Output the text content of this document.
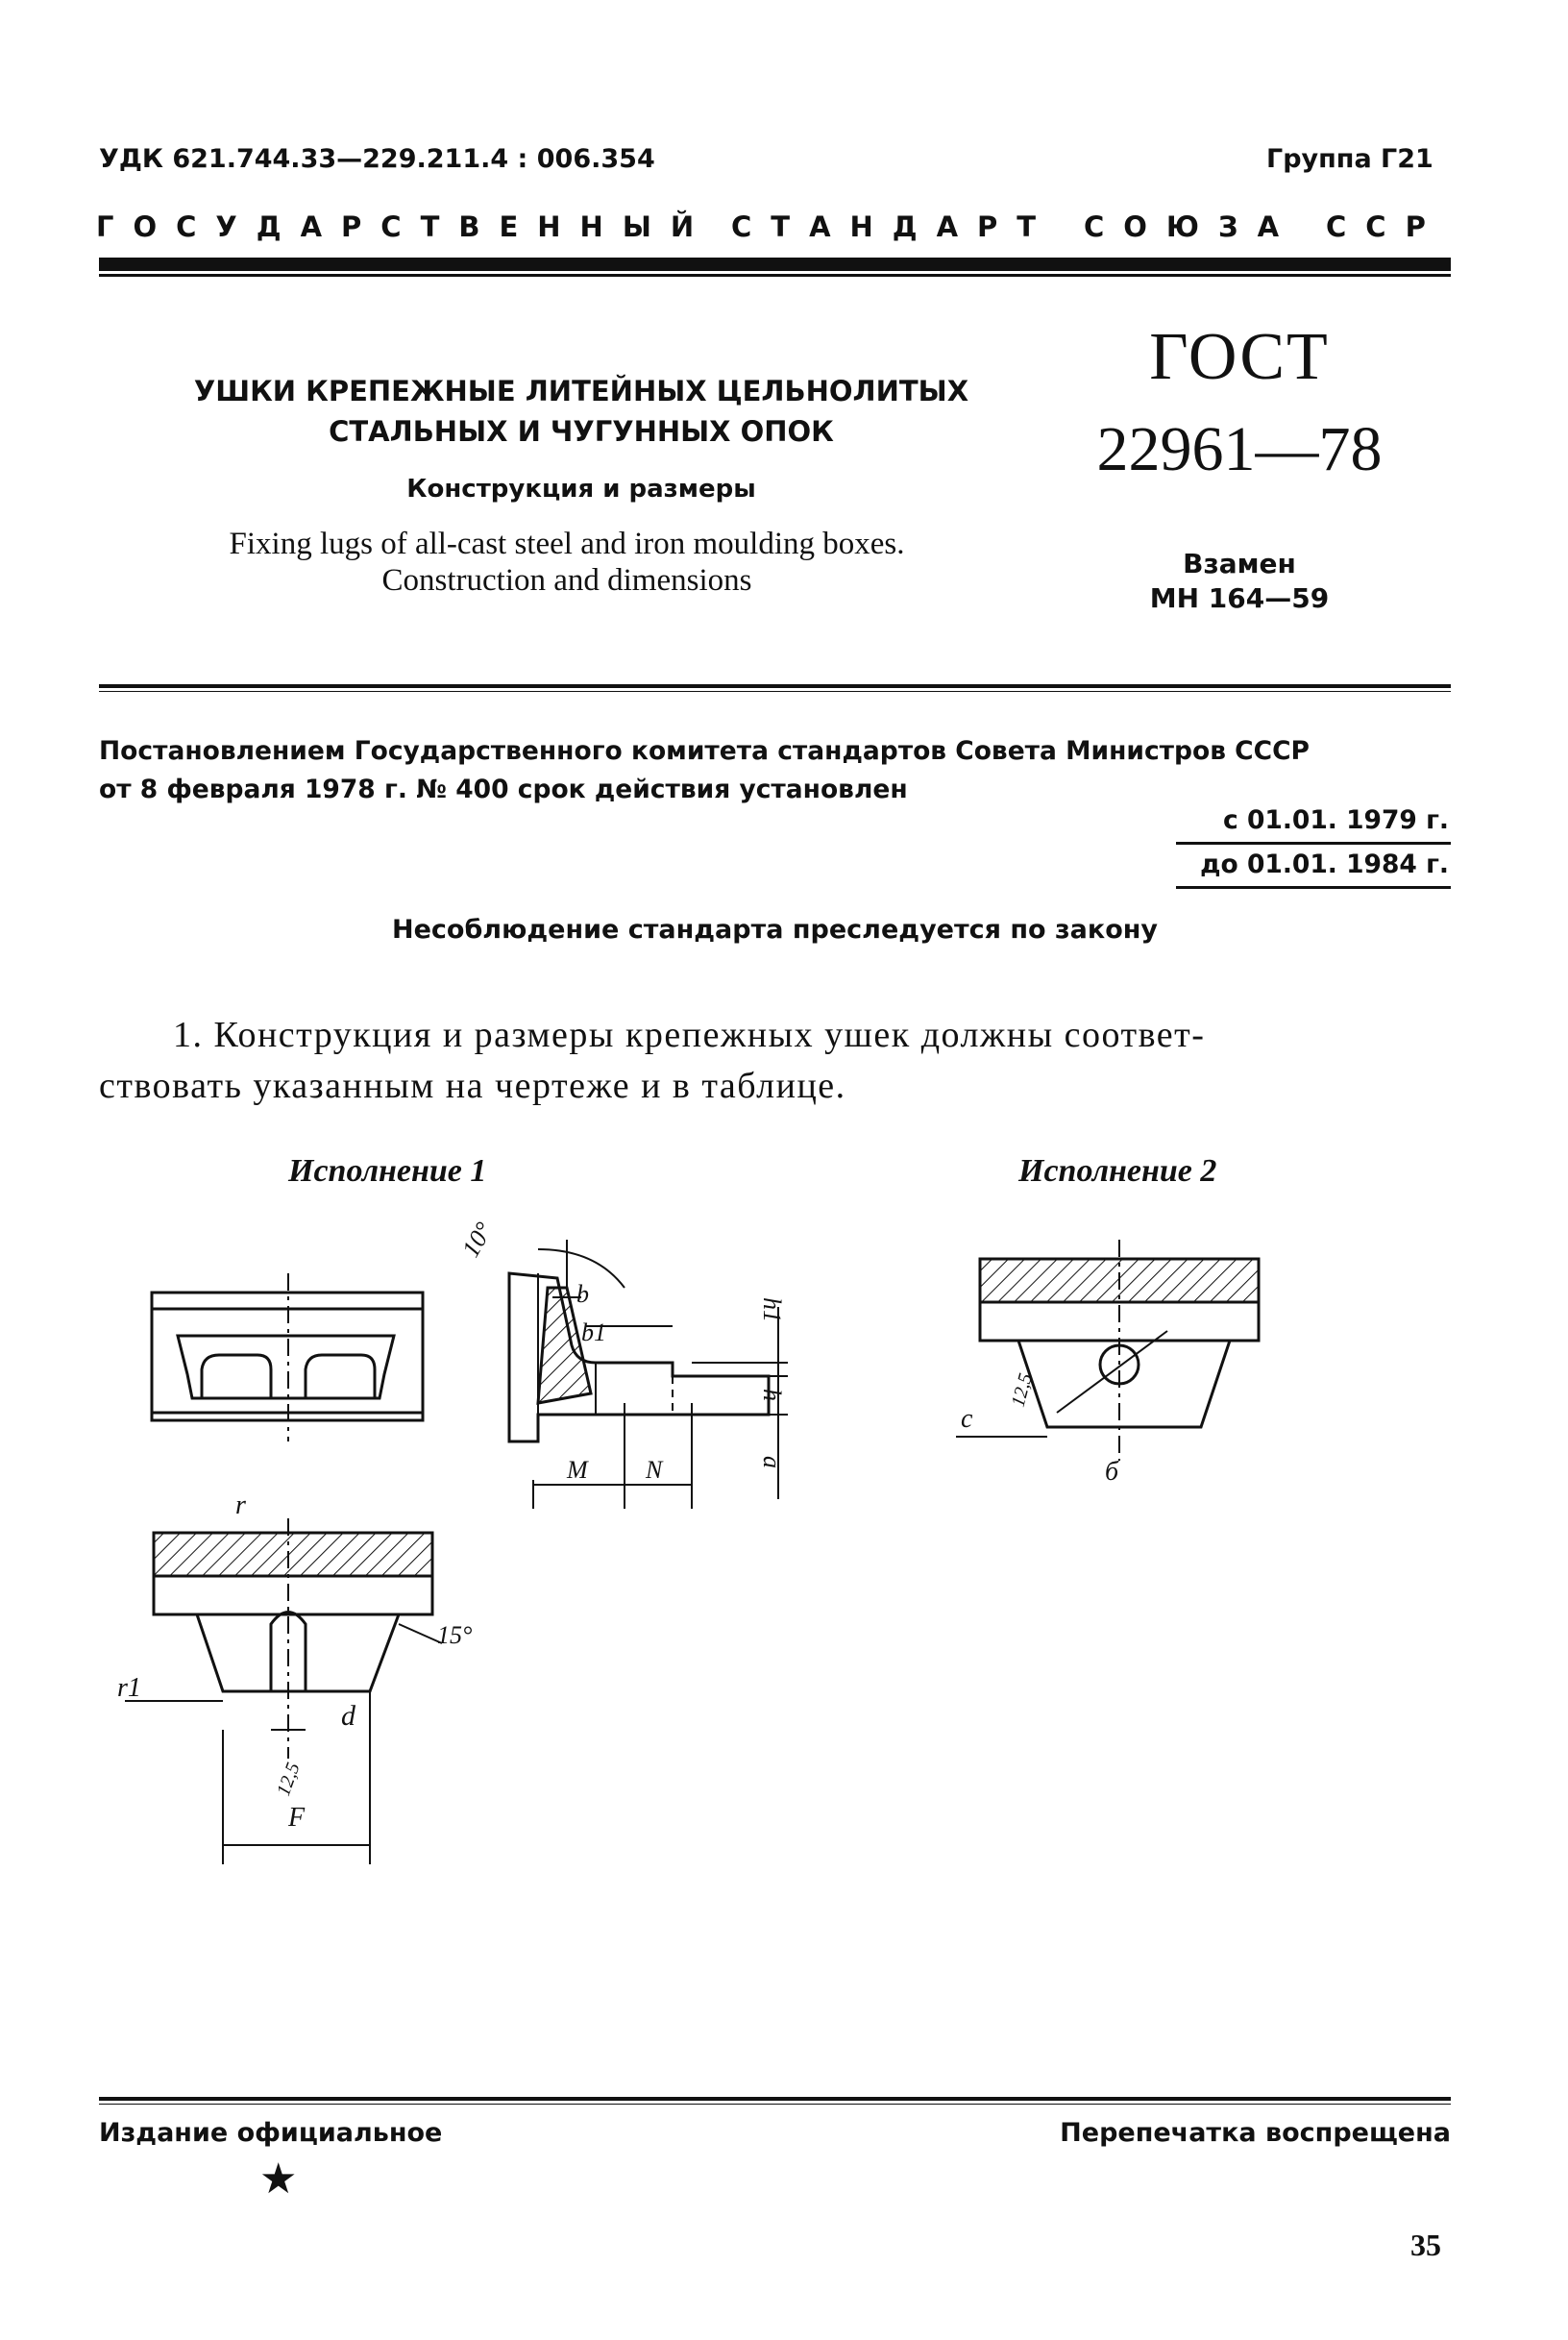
УДК 621.744.33—229.211.4 : 006.354	Группа Г21
ГОСУДАРСТВЕННЫЙ СТАНДАРТ СОЮЗА ССР
УШКИ КРЕПЕЖНЫЕ ЛИТЕЙНЫХ ЦЕЛЬНОЛИТЫХ
СТАЛЬНЫХ И ЧУГУННЫХ ОПОК
Конструкция и размеры
Fixing lugs of all-cast steel and iron moulding boxes.
Construction and dimensions
ГОСТ
22961—78
Взамен
МН 164—59
Постановлением Государственного комитета стандартов Совета Министров СССР
от 8 февраля 1978 г. № 400 срок действия установлен
с 01.01. 1979 г.
до 01.01. 1984 г.
Несоблюдение стандарта преследуется по закону
1. Конструкция и размеры крепежных ушек должны соответ-
ствовать указанным на чертеже и в таблице.
Исполнение 1	Исполнение 2
10°
b
b1
h1
h
a
M N
r
r1
15°
d
12,5
F
c
12,5
б
Издание официальное	Перепечатка воспрещена
★
35
